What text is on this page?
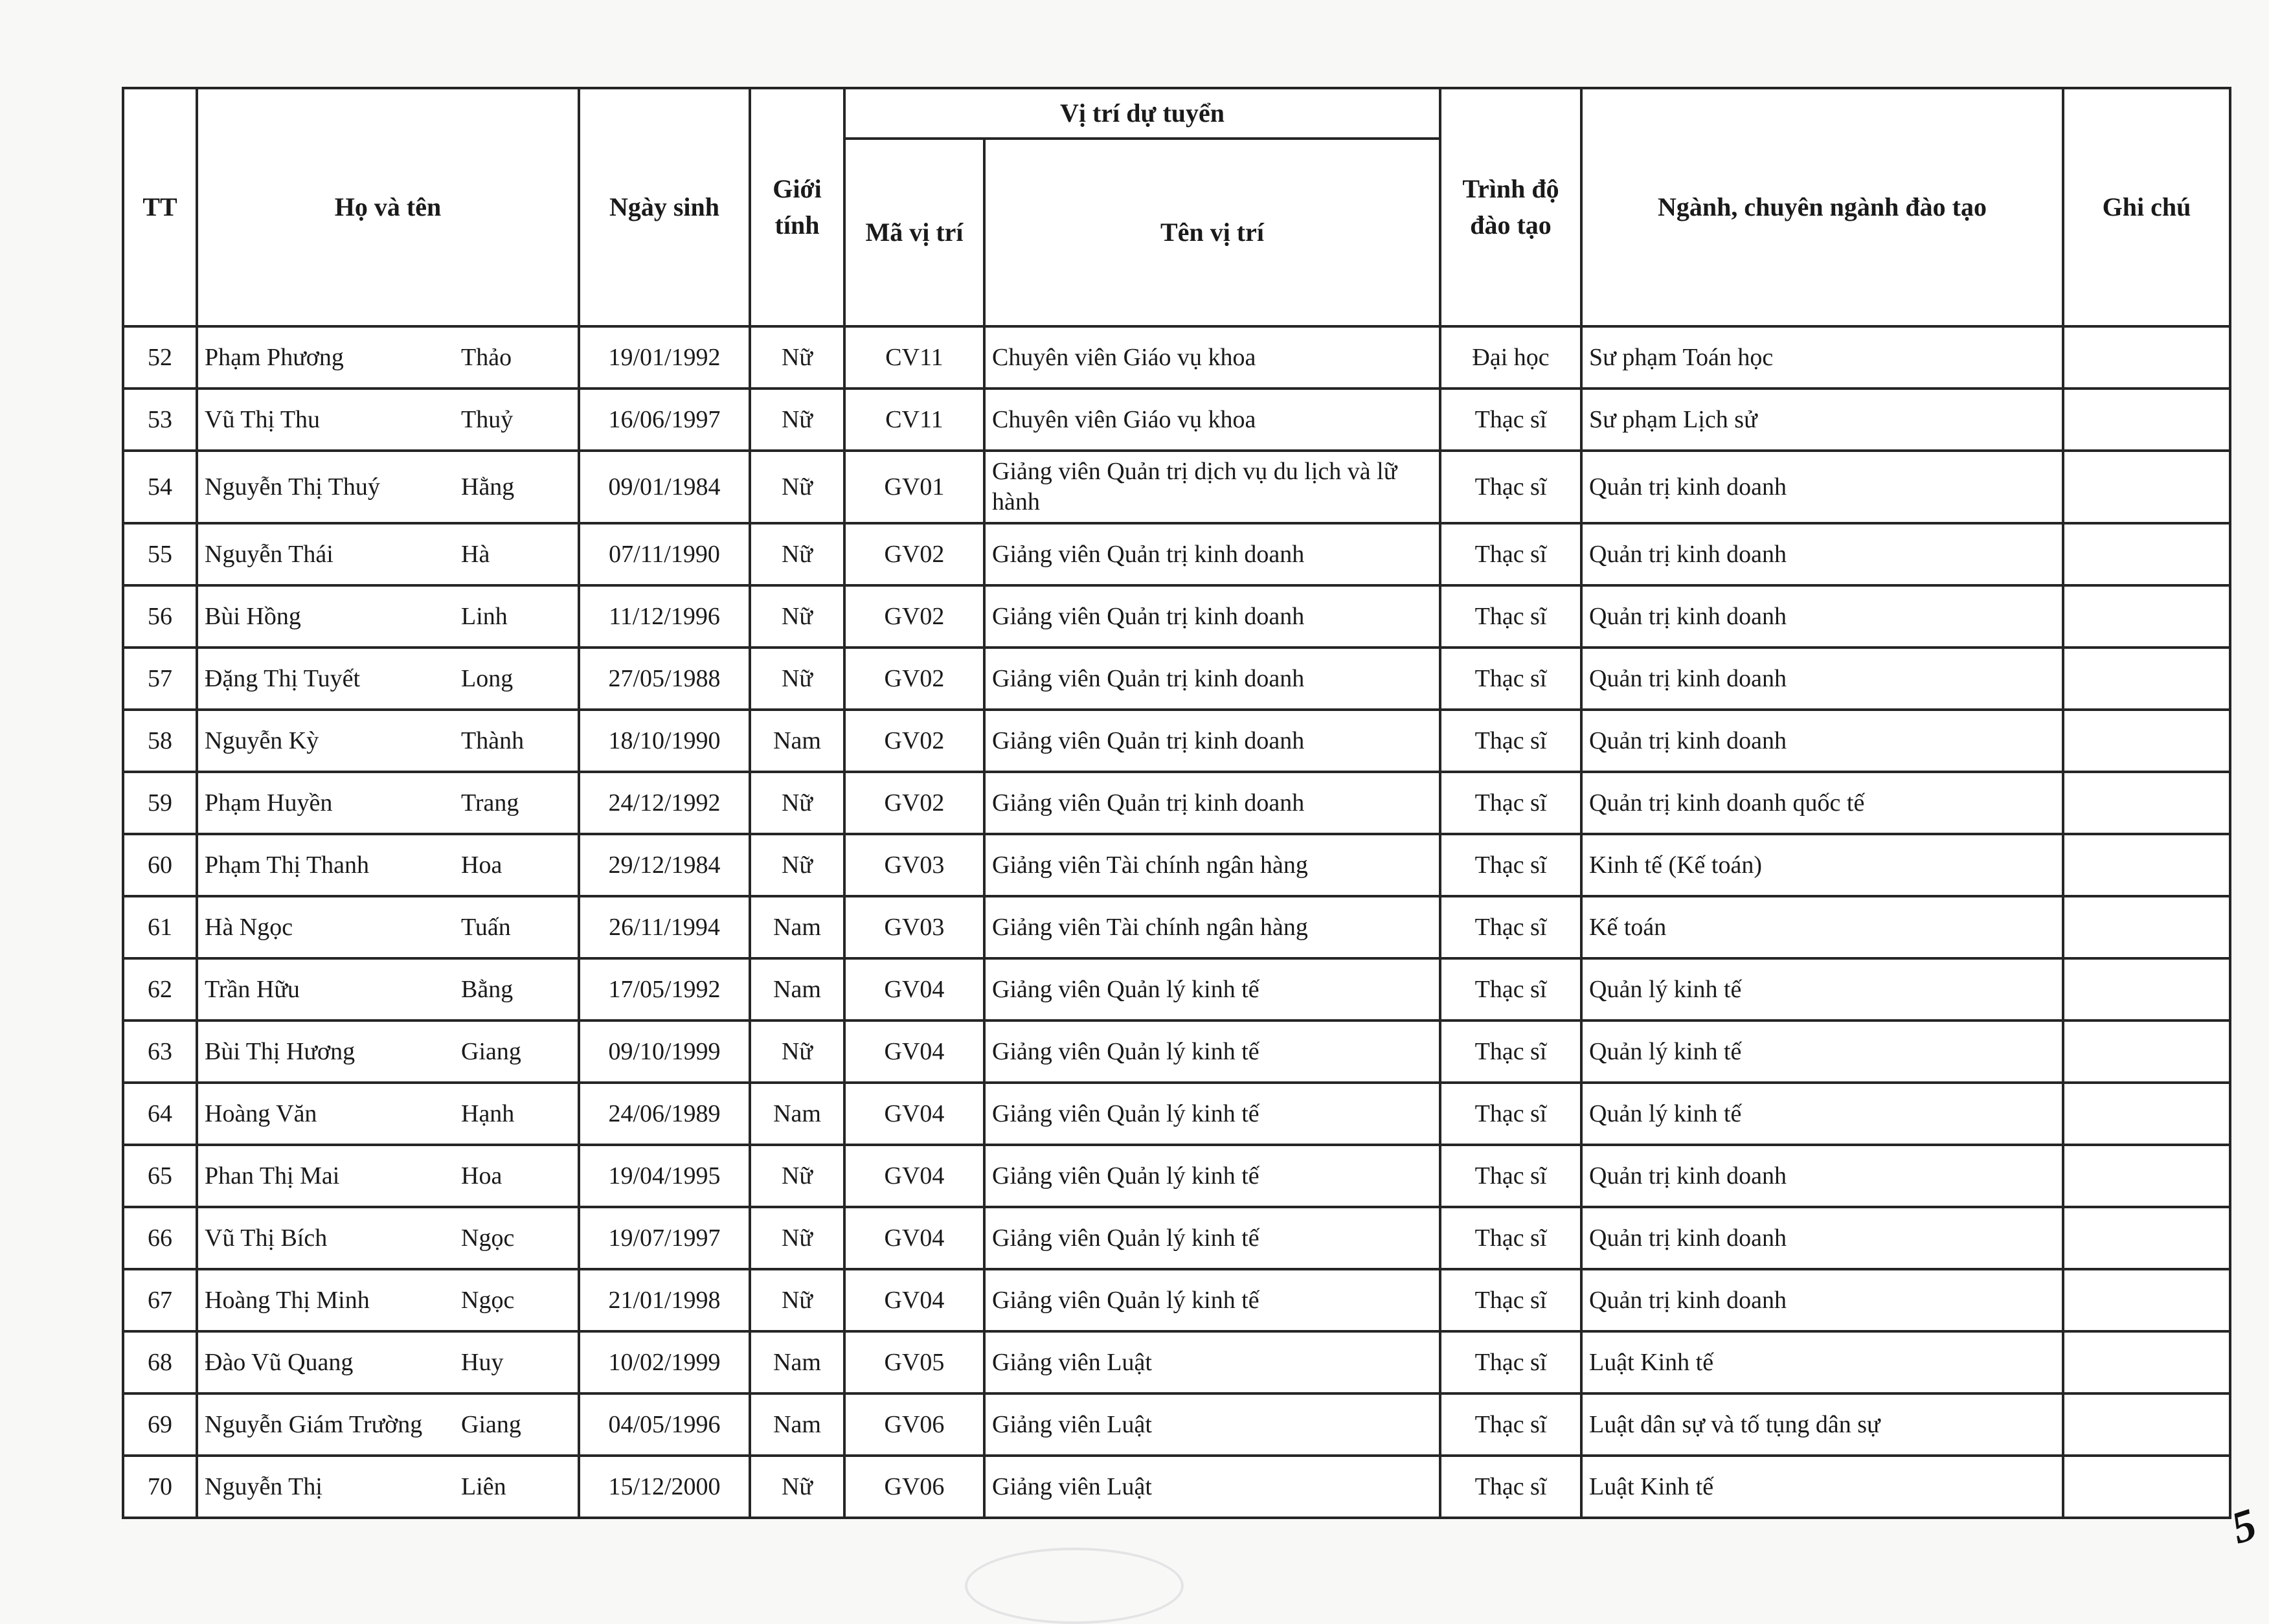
TT	Họ và tên	Ngày sinh	Giới tính	Vị trí dự tuyển		Trình độ đào tạo	Ngành, chuyên ngành đào tạo	Ghi chú
				Mã vị trí	Tên vị trí			
52	Phạm Phương Thảo	19/01/1992	Nữ	CV11	Chuyên viên Giáo vụ khoa	Đại học	Sư phạm Toán học	
53	Vũ Thị Thu Thuỷ	16/06/1997	Nữ	CV11	Chuyên viên Giáo vụ khoa	Thạc sĩ	Sư phạm Lịch sử	
54	Nguyễn Thị Thuý Hằng	09/01/1984	Nữ	GV01	Giảng viên Quản trị dịch vụ du lịch và lữ hành	Thạc sĩ	Quản trị kinh doanh	
55	Nguyễn Thái Hà	07/11/1990	Nữ	GV02	Giảng viên Quản trị kinh doanh	Thạc sĩ	Quản trị kinh doanh	
56	Bùi Hồng Linh	11/12/1996	Nữ	GV02	Giảng viên Quản trị kinh doanh	Thạc sĩ	Quản trị kinh doanh	
57	Đặng Thị Tuyết Long	27/05/1988	Nữ	GV02	Giảng viên Quản trị kinh doanh	Thạc sĩ	Quản trị kinh doanh	
58	Nguyễn Kỳ Thành	18/10/1990	Nam	GV02	Giảng viên Quản trị kinh doanh	Thạc sĩ	Quản trị kinh doanh	
59	Phạm Huyền Trang	24/12/1992	Nữ	GV02	Giảng viên Quản trị kinh doanh	Thạc sĩ	Quản trị kinh doanh quốc tế	
60	Phạm Thị Thanh Hoa	29/12/1984	Nữ	GV03	Giảng viên Tài chính ngân hàng	Thạc sĩ	Kinh tế (Kế toán)	
61	Hà Ngọc Tuấn	26/11/1994	Nam	GV03	Giảng viên Tài chính ngân hàng	Thạc sĩ	Kế toán	
62	Trần Hữu Bằng	17/05/1992	Nam	GV04	Giảng viên Quản lý kinh tế	Thạc sĩ	Quản lý kinh tế	
63	Bùi Thị Hương Giang	09/10/1999	Nữ	GV04	Giảng viên Quản lý kinh tế	Thạc sĩ	Quản lý kinh tế	
64	Hoàng Văn Hạnh	24/06/1989	Nam	GV04	Giảng viên Quản lý kinh tế	Thạc sĩ	Quản lý kinh tế	
65	Phan Thị Mai Hoa	19/04/1995	Nữ	GV04	Giảng viên Quản lý kinh tế	Thạc sĩ	Quản trị kinh doanh	
66	Vũ Thị Bích Ngọc	19/07/1997	Nữ	GV04	Giảng viên Quản lý kinh tế	Thạc sĩ	Quản trị kinh doanh	
67	Hoàng Thị Minh Ngọc	21/01/1998	Nữ	GV04	Giảng viên Quản lý kinh tế	Thạc sĩ	Quản trị kinh doanh	
68	Đào Vũ Quang Huy	10/02/1999	Nam	GV05	Giảng viên Luật	Thạc sĩ	Luật Kinh tế	
69	Nguyễn Giám Trường Giang	04/05/1996	Nam	GV06	Giảng viên Luật	Thạc sĩ	Luật dân sự và tố tụng dân sự	
70	Nguyễn Thị Liên	15/12/2000	Nữ	GV06	Giảng viên Luật	Thạc sĩ	Luật Kinh tế	
5
